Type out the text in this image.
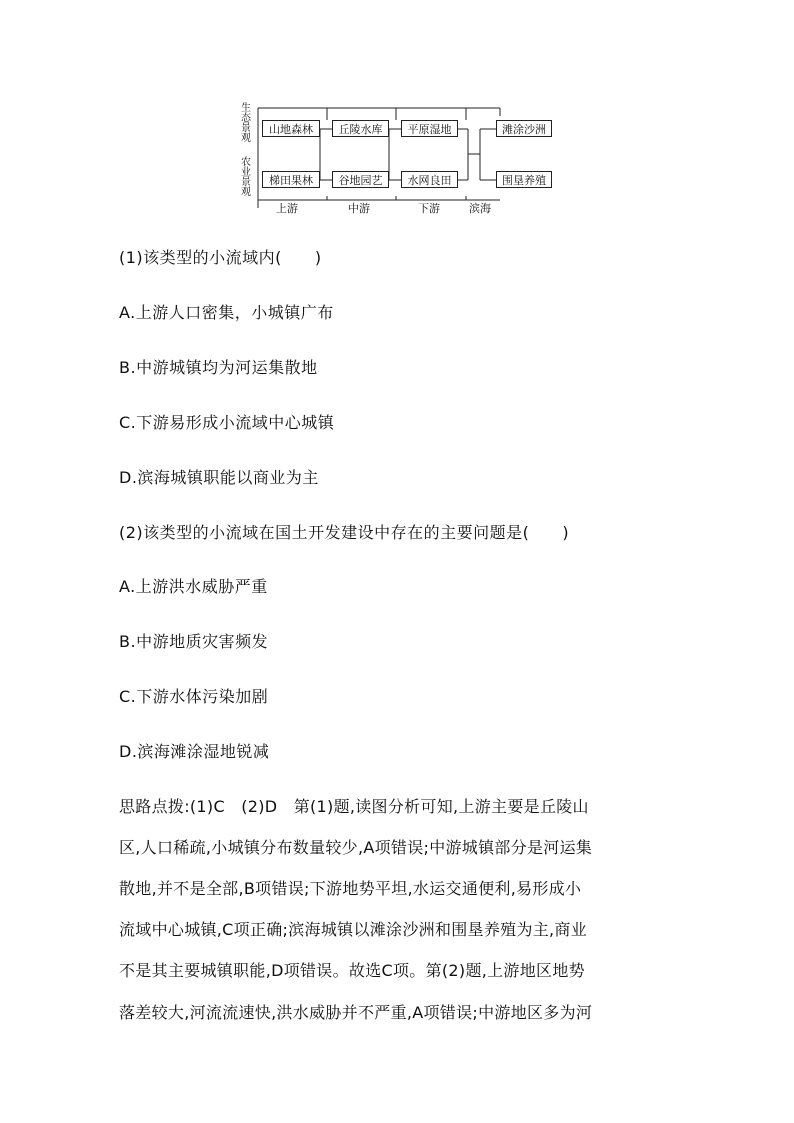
生态景观
农业景观
山地森林
梯田果林
丘陵水库
谷地园艺
平原湿地
水网良田
滩涂沙洲
围垦养殖
上游	中游	下游	滨海
(1)该类型的小流域内(　　)
A.上游人口密集，小城镇广布
B.中游城镇均为河运集散地
C.下游易形成小流域中心城镇
D.滨海城镇职能以商业为主
(2)该类型的小流域在国土开发建设中存在的主要问题是(　　)
A.上游洪水威胁严重
B.中游地质灾害频发
C.下游水体污染加剧
D.滨海滩涂湿地锐减
思路点拨:(1)C　(2)D　第(1)题,读图分析可知,上游主要是丘陵山
区,人口稀疏,小城镇分布数量较少,A项错误;中游城镇部分是河运集
散地,并不是全部,B项错误;下游地势平坦,水运交通便利,易形成小
流域中心城镇,C项正确;滨海城镇以滩涂沙洲和围垦养殖为主,商业
不是其主要城镇职能,D项错误。故选C项。第(2)题,上游地区地势
落差较大,河流流速快,洪水威胁并不严重,A项错误;中游地区多为河
